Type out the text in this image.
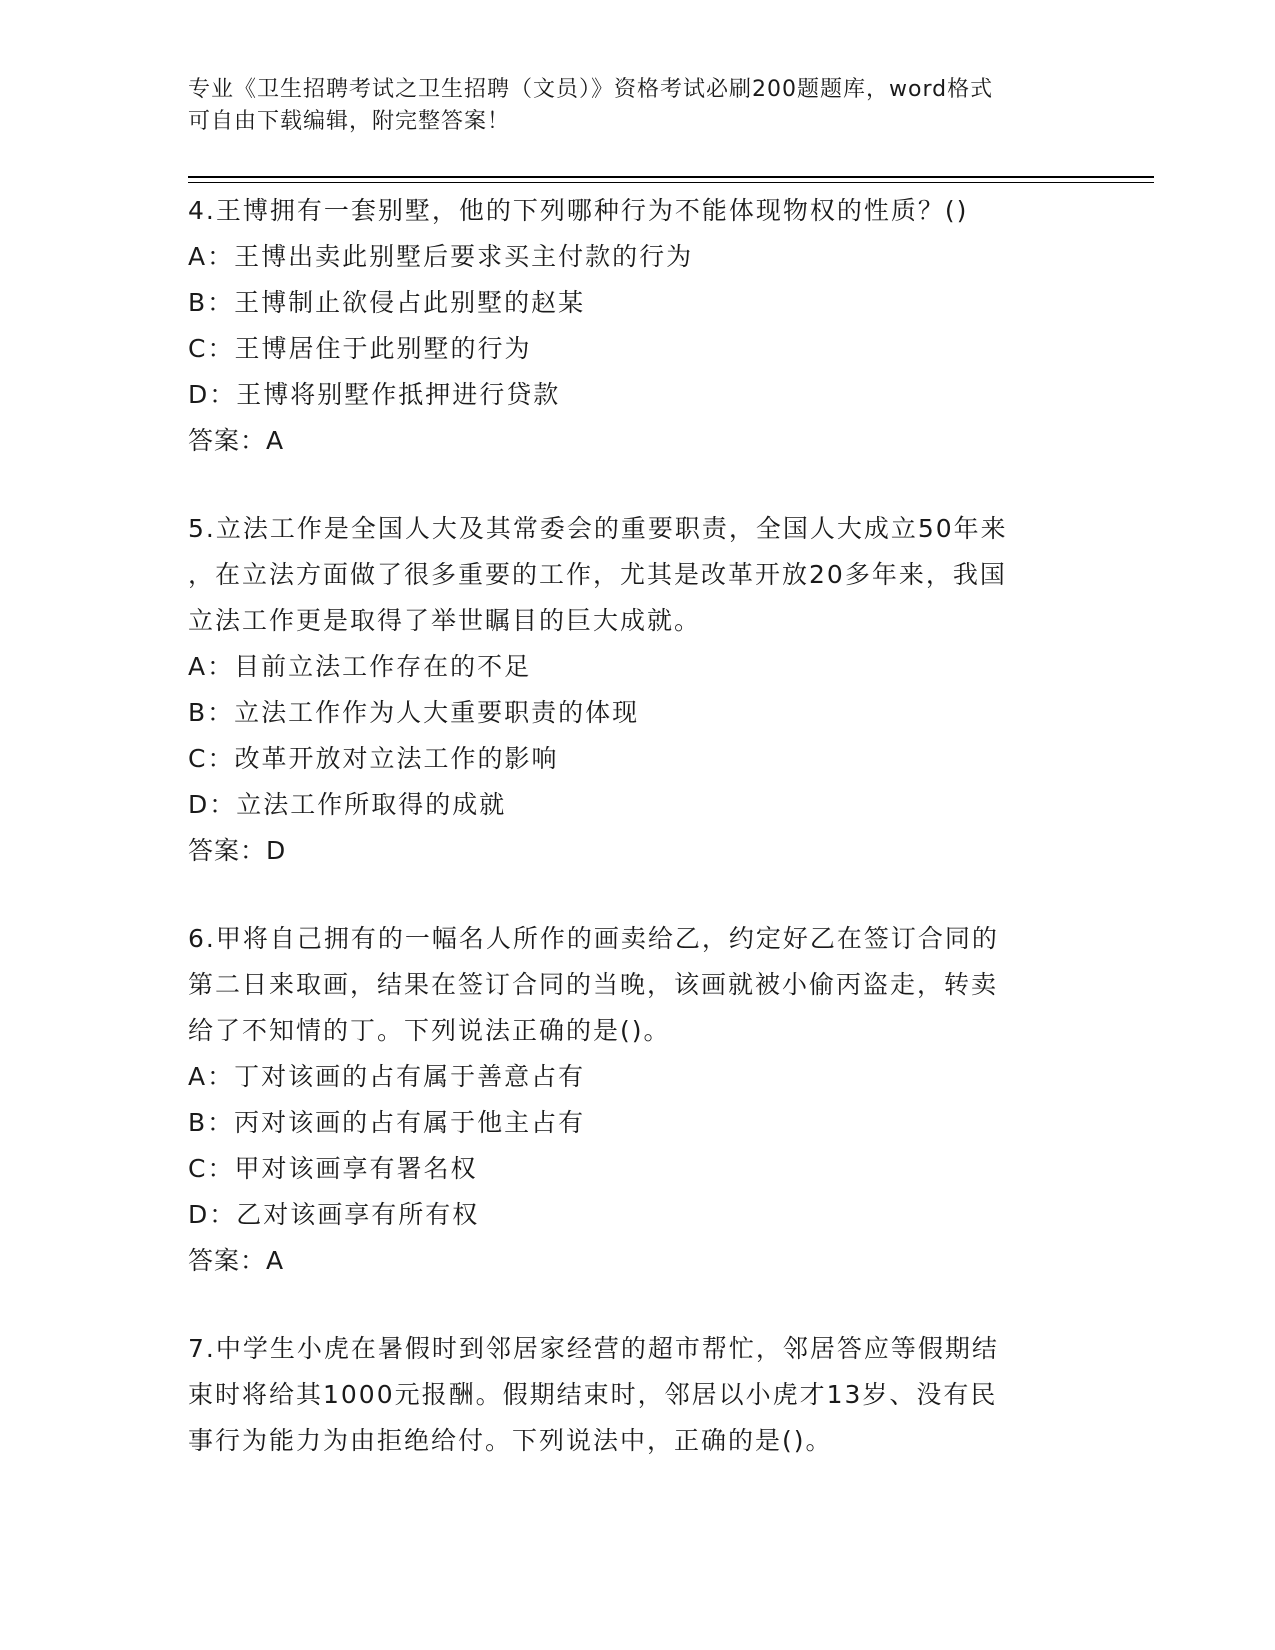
专业《卫生招聘考试之卫生招聘（文员）》资格考试必刷200题题库，word格式
可自由下载编辑，附完整答案！
4.王博拥有一套别墅，他的下列哪种行为不能体现物权的性质？()
A：王博出卖此别墅后要求买主付款的行为
B：王博制止欲侵占此别墅的赵某
C：王博居住于此别墅的行为
D：王博将别墅作抵押进行贷款
答案：A
5.立法工作是全国人大及其常委会的重要职责，全国人大成立50年来
，在立法方面做了很多重要的工作，尤其是改革开放20多年来，我国
立法工作更是取得了举世瞩目的巨大成就。
A：目前立法工作存在的不足
B：立法工作作为人大重要职责的体现
C：改革开放对立法工作的影响
D：立法工作所取得的成就
答案：D
6.甲将自己拥有的一幅名人所作的画卖给乙，约定好乙在签订合同的
第二日来取画，结果在签订合同的当晚，该画就被小偷丙盗走，转卖
给了不知情的丁。下列说法正确的是()。
A：丁对该画的占有属于善意占有
B：丙对该画的占有属于他主占有
C：甲对该画享有署名权
D：乙对该画享有所有权
答案：A
7.中学生小虎在暑假时到邻居家经营的超市帮忙，邻居答应等假期结
束时将给其1000元报酬。假期结束时，邻居以小虎才13岁、没有民
事行为能力为由拒绝给付。下列说法中，正确的是()。
